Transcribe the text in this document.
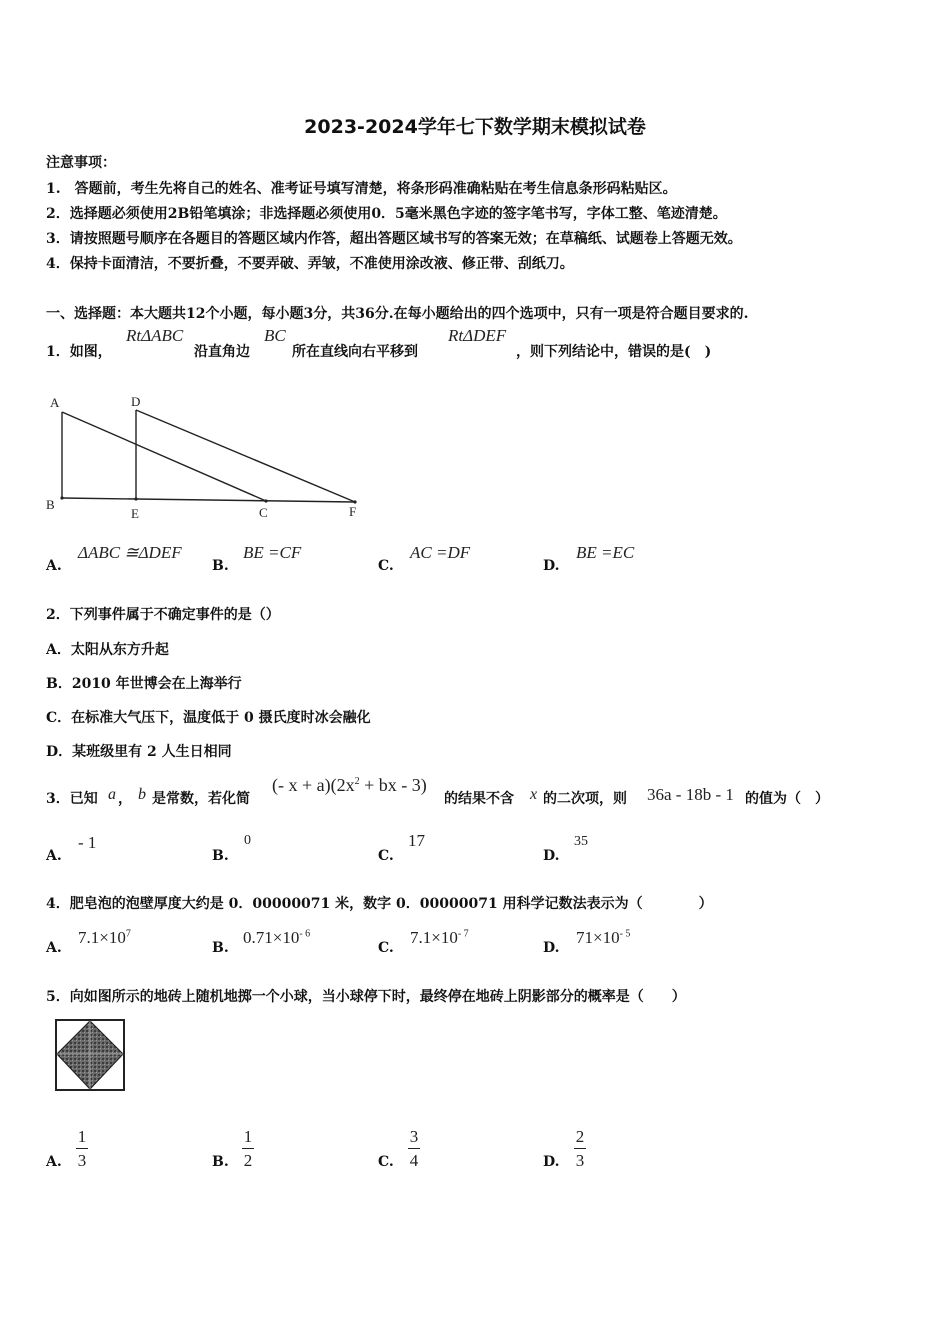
2023-2024学年七下数学期末模拟试卷
注意事项：
1.　答题前，考生先将自己的姓名、准考证号填写清楚，将条形码准确粘贴在考生信息条形码粘贴区。
2．选择题必须使用2B铅笔填涂；非选择题必须使用0．5毫米黑色字迹的签字笔书写，字体工整、笔迹清楚。
3．请按照题号顺序在各题目的答题区域内作答，超出答题区域书写的答案无效；在草稿纸、试题卷上答题无效。
4．保持卡面清洁，不要折叠，不要弄破、弄皱，不准使用涂改液、修正带、刮纸刀。
一、选择题：本大题共12个小题，每小题3分，共36分.在每小题给出的四个选项中，只有一项是符合题目要求的.
1．如图，
RtΔABC
沿直角边
BC
所在直线向右平移到
RtΔDEF
，则下列结论中，错误的是(　)
A	D
B
E	C	F
A.
ΔABC ≅ΔDEF
B.
BE =CF
C.
AC =DF
D.
BE =EC
2．下列事件属于不确定事件的是（）
A．太阳从东方升起
B．2010 年世博会在上海举行
C．在标准大气压下，温度低于 0 摄氏度时冰会融化
D．某班级里有 2 人生日相同
3．已知 a ， b 是常数，若化简
(- $x + a)(2x^2$ + bx - 3)
的结果不含 x 的二次项，则 36a - 18b - 1 的值为（　）
A.
- 1
B.
0
C.
17
D.
35
4．肥皂泡的泡壁厚度大约是 0．00000071 米，数字 0．00000071 用科学记数法表示为（　　　　）
A.
$7.1\times 10^7$
B.
$0.71\times 10^{- 6}$
C.
$7.1\times 10^{- 7}$
D.
$71\times 10^{- 5}$
5．向如图所示的地砖上随机地掷一个小球，当小球停下时，最终停在地砖上阴影部分的概率是（　　）
A.
1
3	B.
1
2	C.
3
4	D.
2
3
